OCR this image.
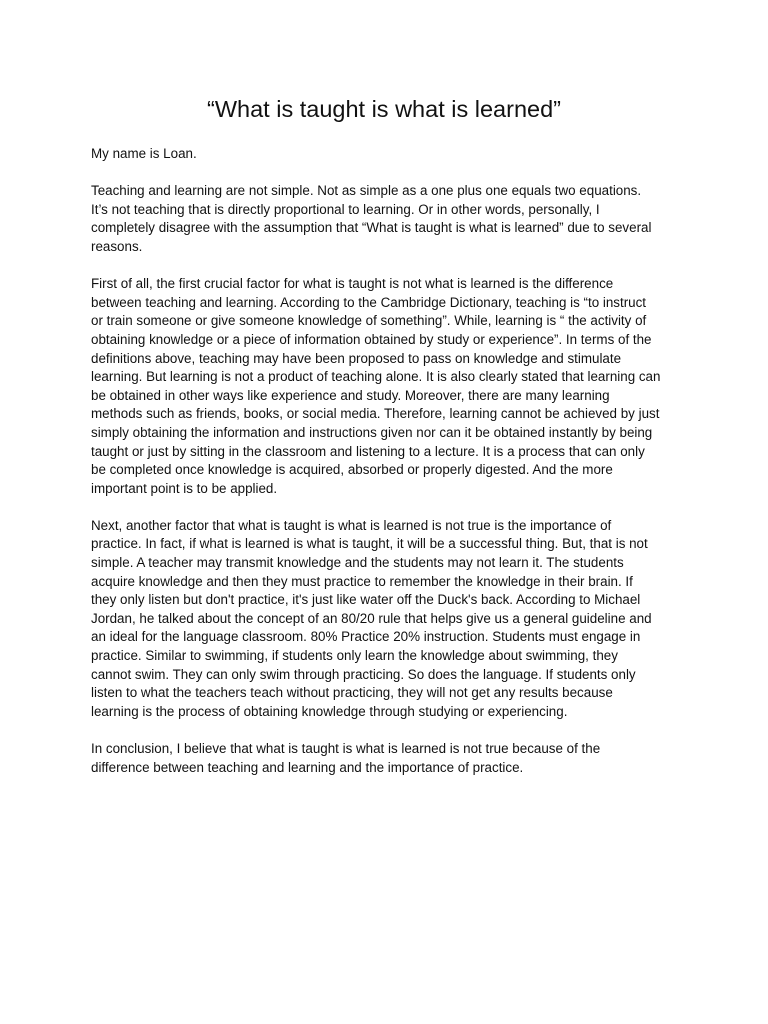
“What is taught is what is learned”

My name is Loan.

Teaching and learning are not simple. Not as simple as a one plus one equals two equations.
It’s not teaching that is directly proportional to learning. Or in other words, personally, I
completely disagree with the assumption that “What is taught is what is learned” due to several
reasons.

First of all, the first crucial factor for what is taught is not what is learned is the difference
between teaching and learning. According to the Cambridge Dictionary, teaching is “to instruct
or train someone or give someone knowledge of something”. While, learning is “ the activity of
obtaining knowledge or a piece of information obtained by study or experience”. In terms of the
definitions above, teaching may have been proposed to pass on knowledge and stimulate
learning. But learning is not a product of teaching alone. It is also clearly stated that learning can
be obtained in other ways like experience and study. Moreover, there are many learning
methods such as friends, books, or social media. Therefore, learning cannot be achieved by just
simply obtaining the information and instructions given nor can it be obtained instantly by being
taught or just by sitting in the classroom and listening to a lecture. It is a process that can only
be completed once knowledge is acquired, absorbed or properly digested. And the more
important point is to be applied.

Next, another factor that what is taught is what is learned is not true is the importance of
practice. In fact, if what is learned is what is taught, it will be a successful thing. But, that is not
simple. A teacher may transmit knowledge and the students may not learn it. The students
acquire knowledge and then they must practice to remember the knowledge in their brain. If
they only listen but don't practice, it's just like water off the Duck's back. According to Michael
Jordan, he talked about the concept of an 80/20 rule that helps give us a general guideline and
an ideal for the language classroom. 80% Practice 20% instruction. Students must engage in
practice. Similar to swimming, if students only learn the knowledge about swimming, they
cannot swim. They can only swim through practicing. So does the language. If students only
listen to what the teachers teach without practicing, they will not get any results because
learning is the process of obtaining knowledge through studying or experiencing.

In conclusion, I believe that what is taught is what is learned is not true because of the
difference between teaching and learning and the importance of practice.
